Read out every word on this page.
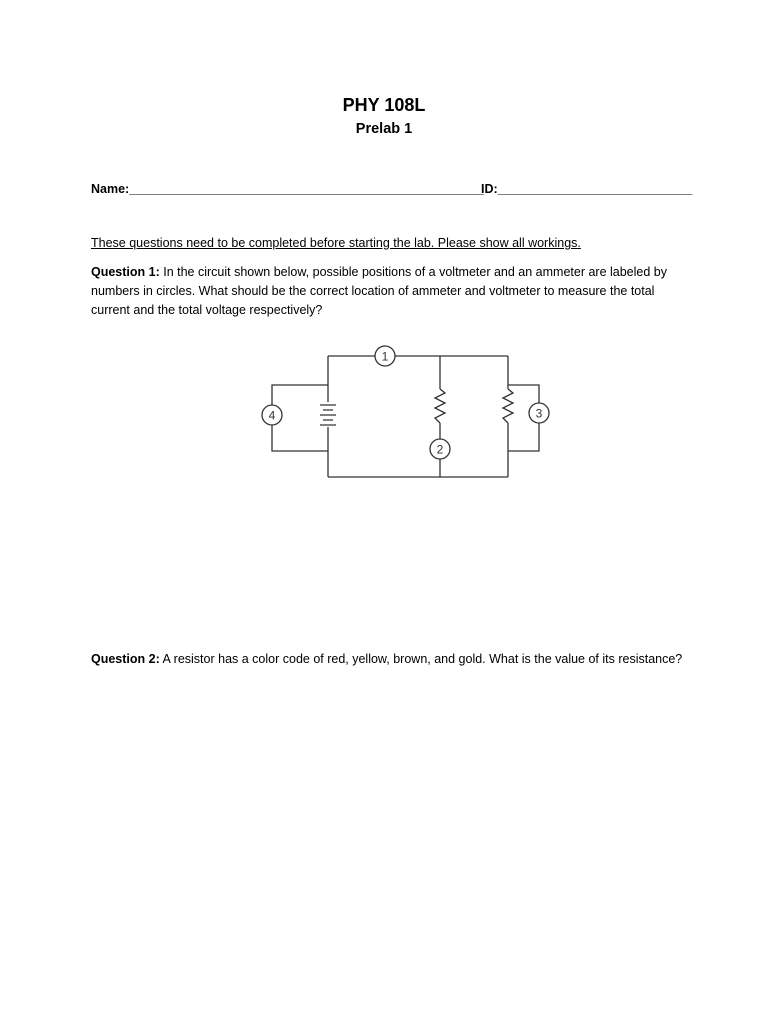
PHY 108L
Prelab 1
Name:___________________________________________________
ID:____________________________
These questions need to be completed before starting the lab. Please show all workings.
Question 1: In the circuit shown below, possible positions of a voltmeter and an ammeter are labeled by numbers in circles. What should be the correct location of ammeter and voltmeter to measure the total current and the total voltage respectively?
1
2
3
4
Question 2: A resistor has a color code of red, yellow, brown, and gold. What is the value of its resistance?
